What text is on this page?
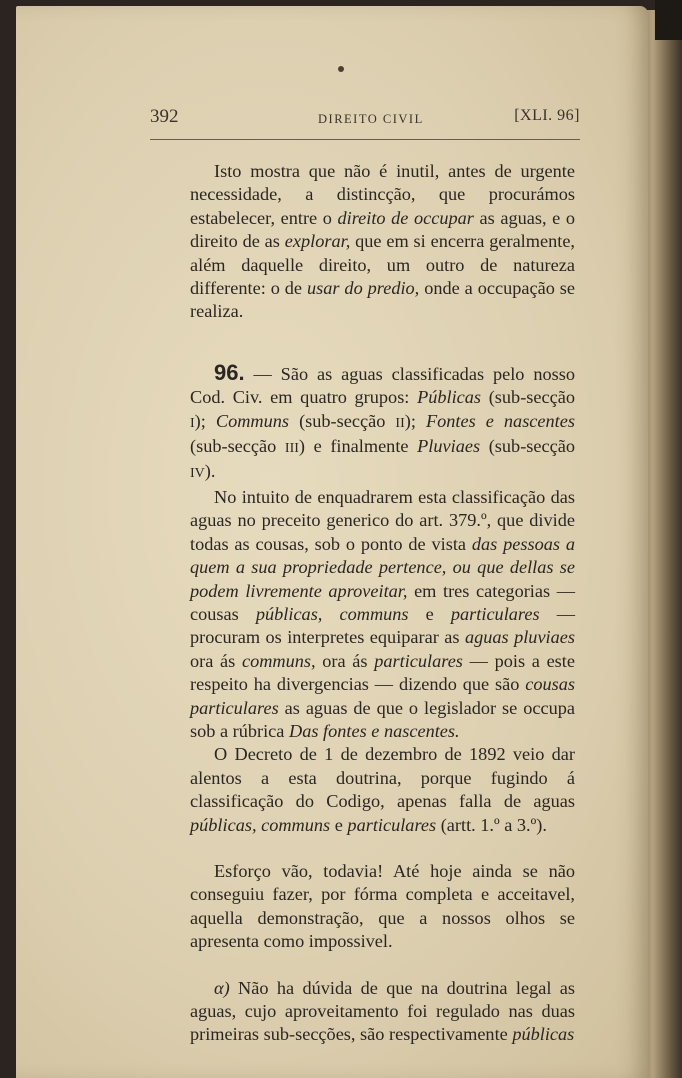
392	DIREITO CIVIL	[XLI. 96]

Isto mostra que não é inutil, antes de urgente necessidade, a distincção, que procurámos estabelecer, entre o direito de occupar as aguas, e o direito de as explorar, que em si encerra geralmente, além daquelle direito, um outro de natureza differente: o de usar do predio, onde a occupação se realiza.

96. — São as aguas classificadas pelo nosso Cod. Civ. em quatro grupos: Públicas (sub-secção I); Communs (sub-secção II); Fontes e nascentes (sub-secção III) e finalmente Pluviaes (sub-secção IV).

No intuito de enquadrarem esta classificação das aguas no preceito generico do art. 379.º, que divide todas as cousas, sob o ponto de vista das pessoas a quem a sua propriedade pertence, ou que dellas se podem livremente aproveitar, em tres categorias — cousas públicas, communs e particulares — procuram os interpretes equiparar as aguas pluviaes ora ás communs, ora ás particulares — pois a este respeito ha divergencias — dizendo que são cousas particulares as aguas de que o legislador se occupa sob a rúbrica Das fontes e nascentes.

O Decreto de 1 de dezembro de 1892 veio dar alentos a esta doutrina, porque fugindo á classificação do Codigo, apenas falla de aguas públicas, communs e particulares (artt. 1.º a 3.º).

Esforço vão, todavia! Até hoje ainda se não conseguiu fazer, por fórma completa e acceitavel, aquella demonstração, que a nossos olhos se apresenta como impossivel.

α) Não ha dúvida de que na doutrina legal as aguas, cujo aproveitamento foi regulado nas duas primeiras sub-secções, são respectivamente públicas
